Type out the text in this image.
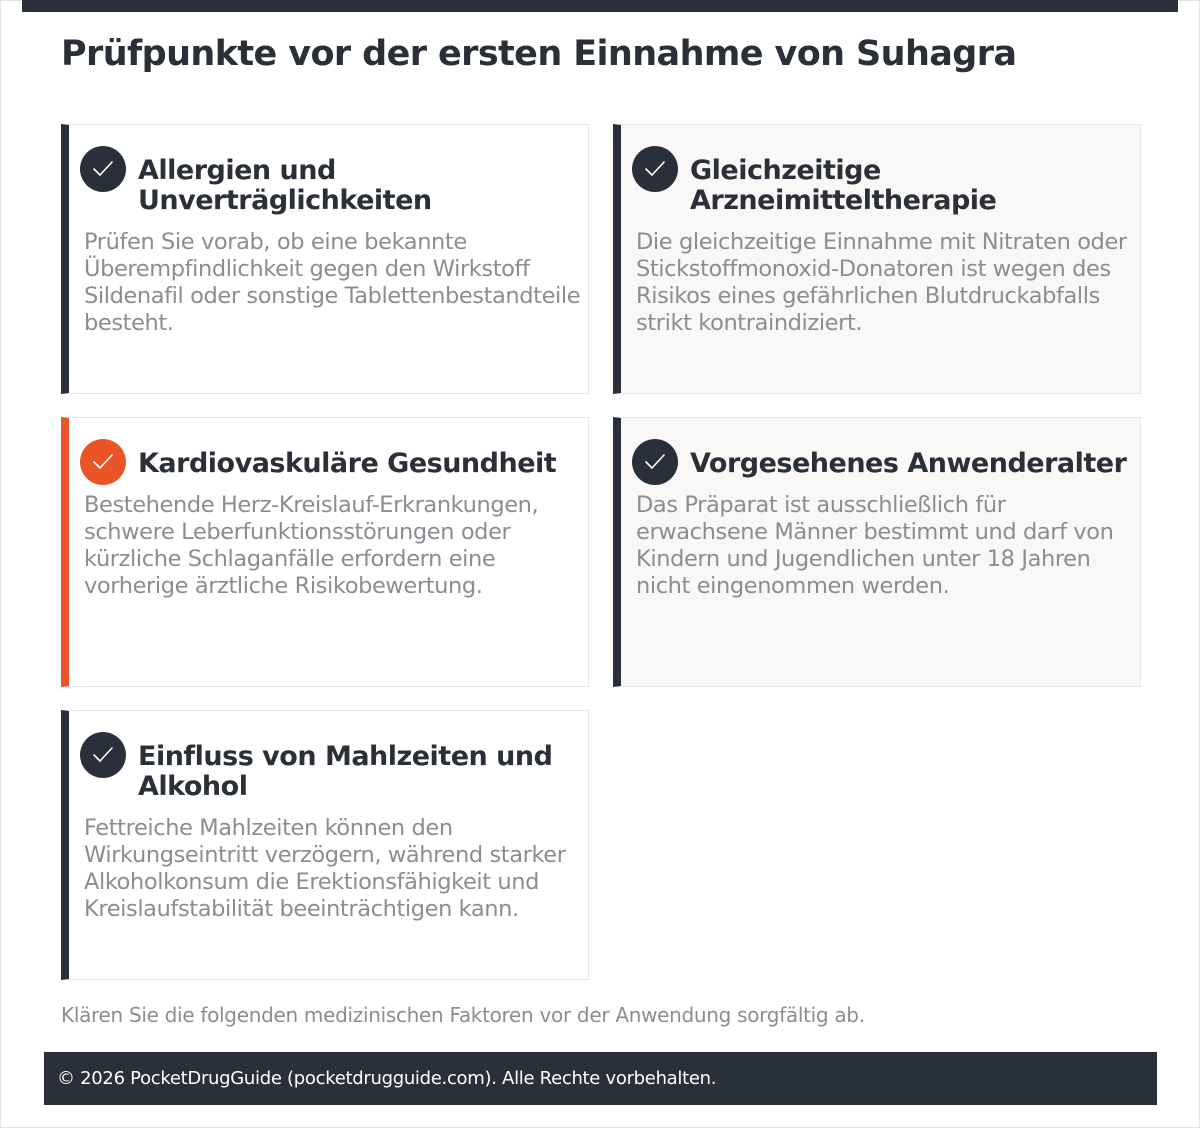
Prüfpunkte vor der ersten Einnahme von Suhagra
Allergien und Unverträglichkeiten
Prüfen Sie vorab, ob eine bekannte Überempfindlichkeit gegen den Wirkstoff Sildenafil oder sonstige Tablettenbestandteile besteht.
Gleichzeitige Arzneimitteltherapie
Die gleichzeitige Einnahme mit Nitraten oder Stickstoffmonoxid-Donatoren ist wegen des Risikos eines gefährlichen Blutdruckabfalls strikt kontraindiziert.
Kardiovaskuläre Gesundheit
Bestehende Herz-Kreislauf-Erkrankungen, schwere Leberfunktionsstörungen oder kürzliche Schlaganfälle erfordern eine vorherige ärztliche Risikobewertung.
Vorgesehenes Anwenderalter
Das Präparat ist ausschließlich für erwachsene Männer bestimmt und darf von Kindern und Jugendlichen unter 18 Jahren nicht eingenommen werden.
Einfluss von Mahlzeiten und Alkohol
Fettreiche Mahlzeiten können den Wirkungseintritt verzögern, während starker Alkoholkonsum die Erektionsfähigkeit und Kreislaufstabilität beeinträchtigen kann.

Klären Sie die folgenden medizinischen Faktoren vor der Anwendung sorgfältig ab.

© 2026 PocketDrugGuide (pocketdrugguide.com). Alle Rechte vorbehalten.
